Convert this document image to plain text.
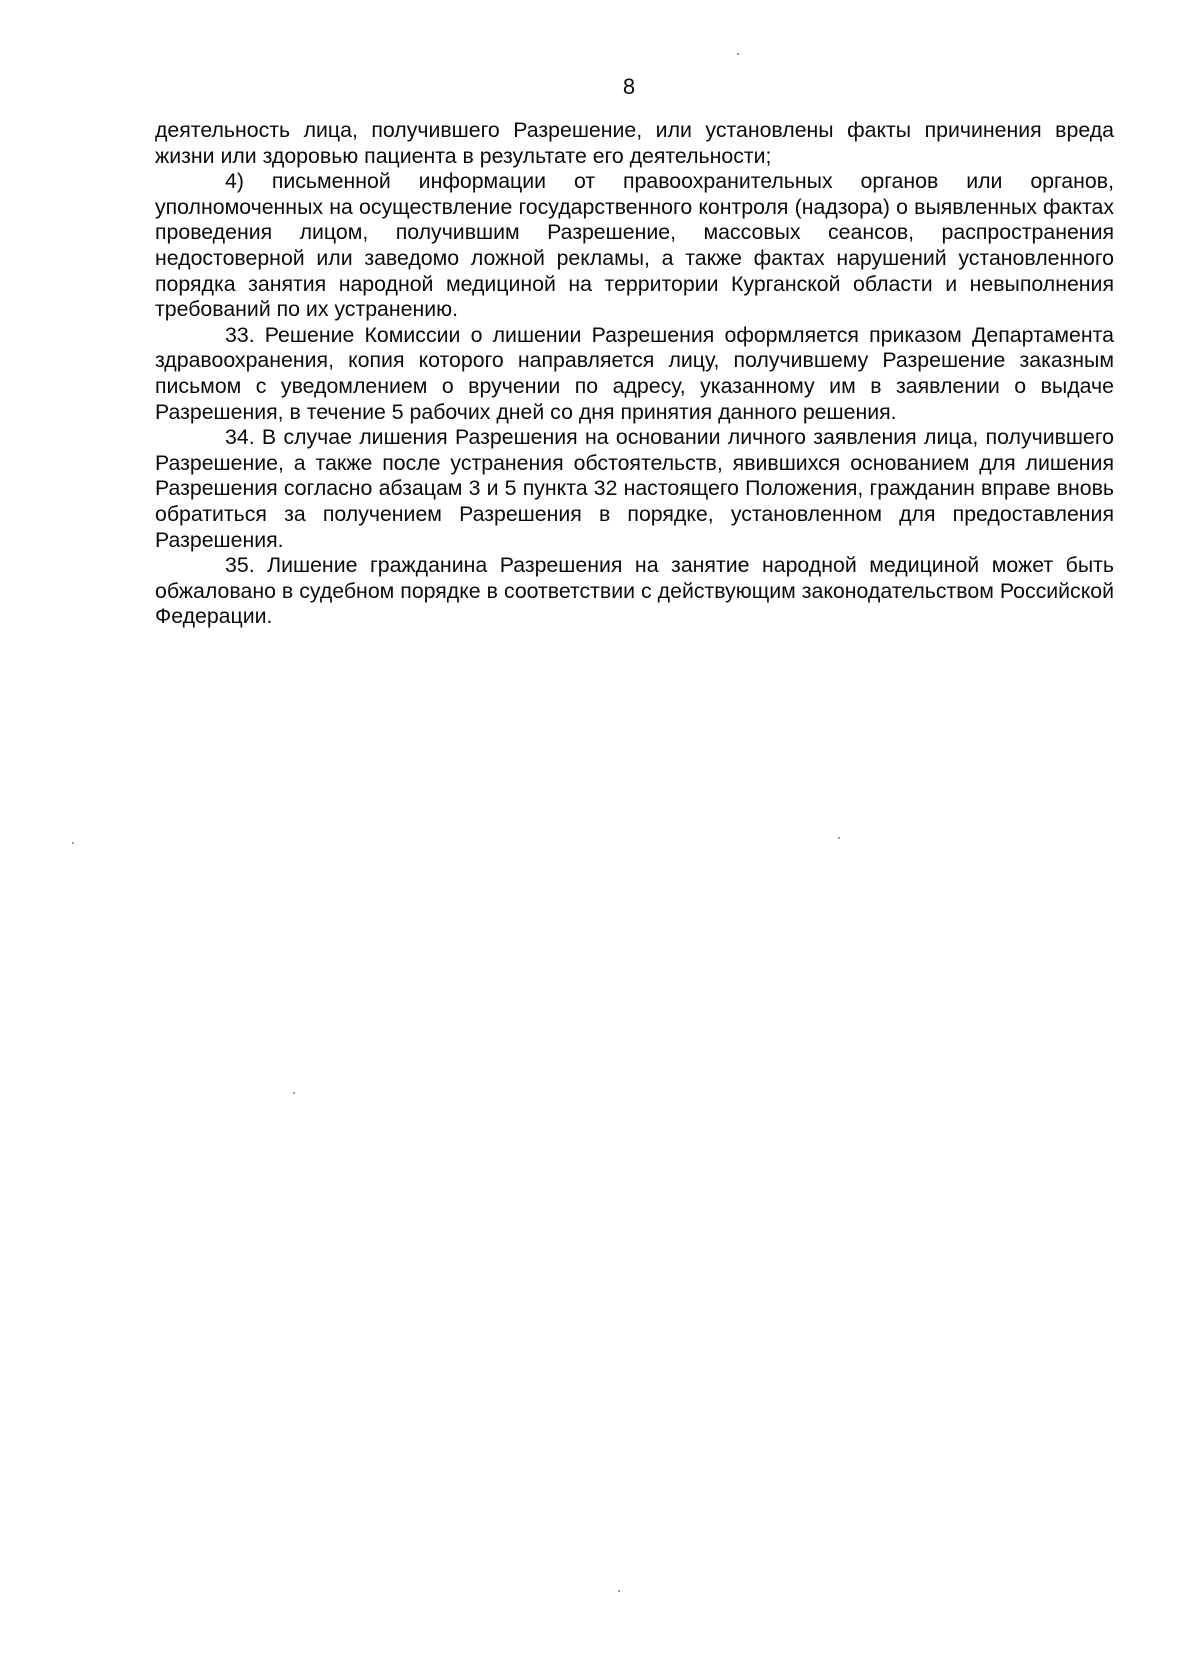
8

деятельность лица, получившего Разрешение, или установлены факты причинения вреда жизни или здоровью пациента в результате его деятельности;

4) письменной информации от правоохранительных органов или органов, уполномоченных на осуществление государственного контроля (надзора) о выявленных фактах проведения лицом, получившим Разрешение, массовых сеансов, распространения недостоверной или заведомо ложной рекламы, а также фактах нарушений установленного порядка занятия народной медициной на территории Курганской области и невыполнения требований по их устранению.

33. Решение Комиссии о лишении Разрешения оформляется приказом Департамента здравоохранения, копия которого направляется лицу, получившему Разрешение заказным письмом с уведомлением о вручении по адресу, указанному им в заявлении о выдаче Разрешения, в течение 5 рабочих дней со дня принятия данного решения.

34. В случае лишения Разрешения на основании личного заявления лица, получившего Разрешение, а также после устранения обстоятельств, явившихся основанием для лишения Разрешения согласно абзацам 3 и 5 пункта 32 настоящего Положения, гражданин вправе вновь обратиться за получением Разрешения в порядке, установленном для предоставления Разрешения.

35. Лишение гражданина Разрешения на занятие народной медициной может быть обжаловано в судебном порядке в соответствии с действующим законодательством Российской Федерации.
